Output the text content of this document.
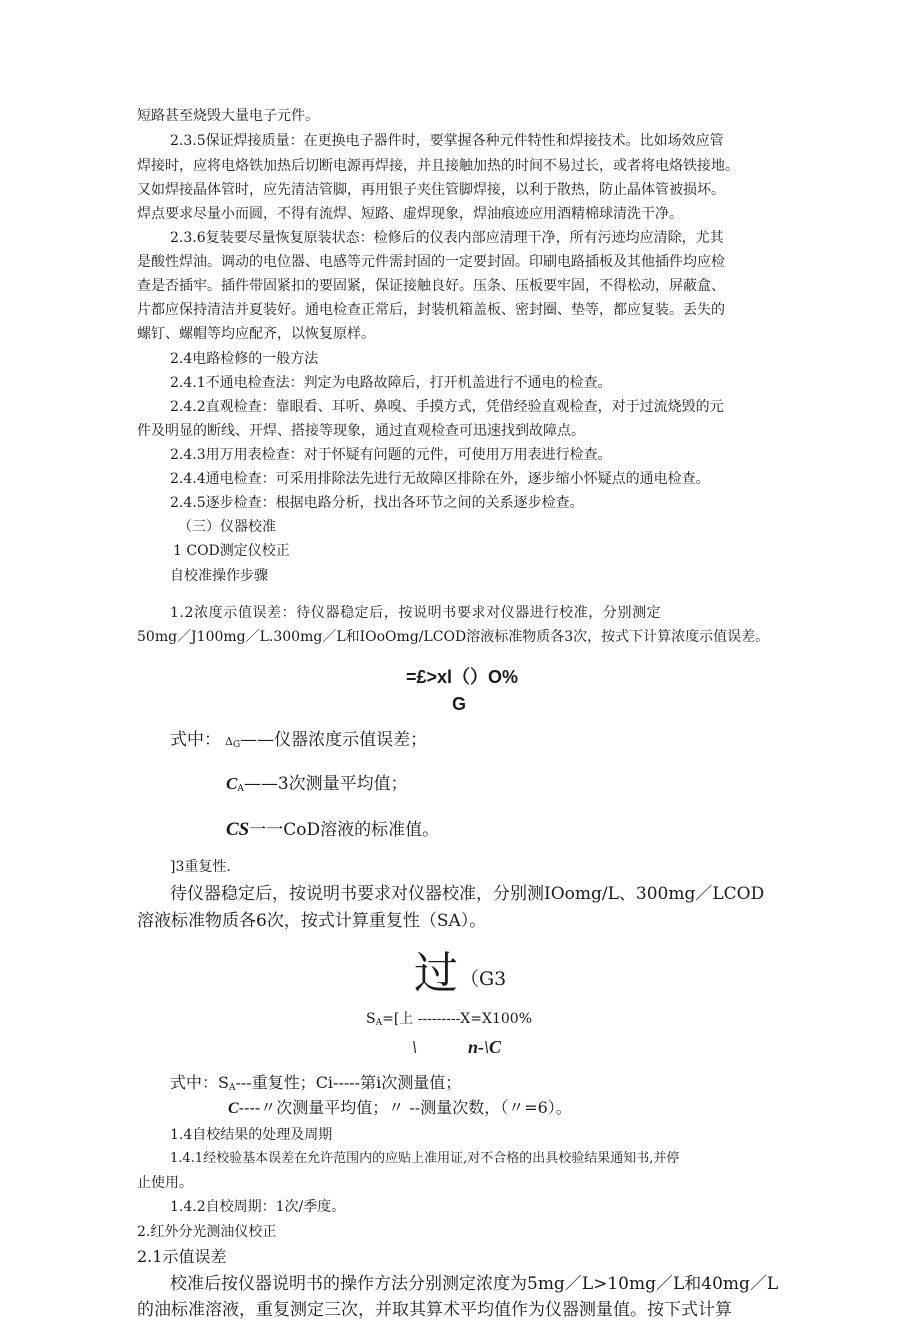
短路甚至烧毁大量电子元件。
2.3.5保证焊接质量：在更换电子器件时，要掌握各种元件特性和焊接技术。比如场效应管
焊接时，应将电烙铁加热后切断电源再焊接，并且接触加热的时间不易过长，或者将电烙铁接地。
又如焊接晶体管时，应先清洁管脚，再用银子夹住管脚焊接，以利于散热，防止晶体管被损坏。
焊点要求尽量小而圆，不得有流焊、短路、虚焊现象，焊油痕迹应用酒精棉球清洗干净。
2.3.6复装要尽量恢复原装状态：检修后的仪表内部应清理干净，所有污迹均应清除，尤其
是酸性焊油。调动的电位器、电感等元件需封固的一定要封固。印刷电路插板及其他插件均应检
查是否插牢。插件带固紧扣的要固紧，保证接触良好。压条、压板要牢固，不得松动，屏蔽盒、
片都应保持清洁并夏装好。通电检查正常后，封装机箱盖板、密封圈、垫等，都应复装。丢失的
螺钉、螺帽等均应配齐，以恢复原样。
2.4电路检修的一般方法
2.4.1不通电检查法：判定为电路故障后，打开机盖进行不通电的检查。
2.4.2直观检查：靠眼看、耳听、鼻嗅、手摸方式，凭借经验直观检查，对于过流烧毁的元
件及明显的断线、开焊、搭接等现象，通过直观检查可迅速找到故障点。
2.4.3用万用表检查：对于怀疑有问题的元件，可使用万用表进行检查。
2.4.4通电检查：可采用排除法先进行无故障区排除在外，逐步缩小怀疑点的通电检查。
2.4.5逐步检查：根据电路分析，找出各环节之间的关系逐步检查。
（三）仪器校准
1 COD测定仪校正
自校准操作步骤
1.2浓度示值误差：待仪器稳定后，按说明书要求对仪器进行校准，分别测定
50mg／J100mg／L.300mg／L和IOoOmg/LCOD溶液标准物质各3次，按式下计算浓度示值误差。
=£>xl（）O%
G
式中： $\Delta_G——$仪器浓度示值误差；
$C_A——3$次测量平均值；
CS一一CoD溶液的标准值。
]3重复性.
待仪器稳定后，按说明书要求对仪器校准，分别测IOomg/L、300mg／LCOD
溶液标准物质各6次，按式计算重复性（SA）。
过 （G3
$S_A=$[上 ---------X=X100%
\	n-\C
式中：$S_A---$重复性；Ci-----第i次测量值；
C----〃次测量平均值；〃 --测量次数，（〃=6）。
1.4自校结果的处理及周期
1.4.1经校验基本误差在允许范围内的应贴上准用证,对不合格的出具校验结果通知书,并停
止使用。
1.4.2自校周期：1次/季度。
2.红外分光测油仪校正
2.1示值误差
校准后按仪器说明书的操作方法分别测定浓度为5mg／L>10mg／L和40mg／L
的油标准溶液，重复测定三次，并取其算术平均值作为仪器测量值。按下式计算
